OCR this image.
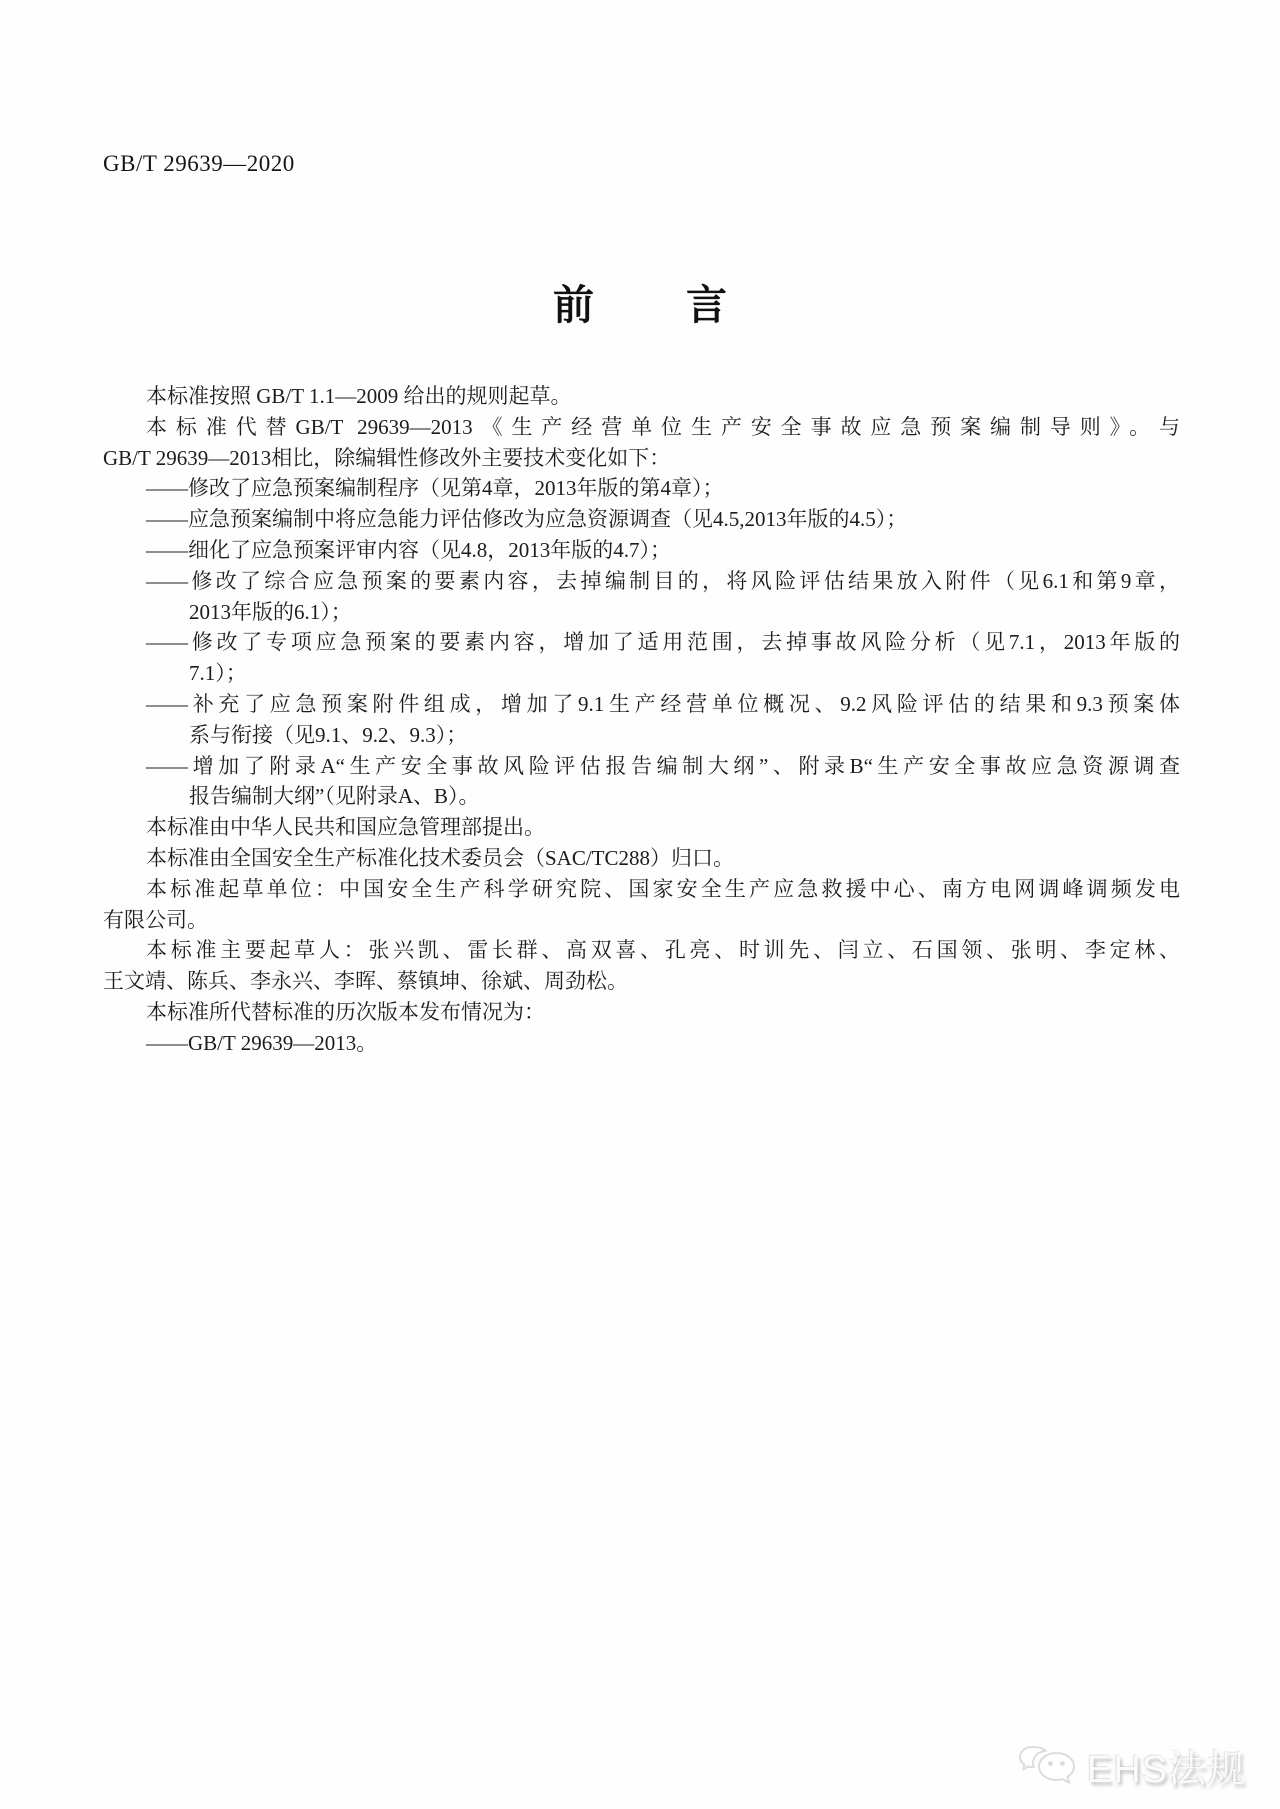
GB/T 29639—2020
前 言
本标准按照 GB/T 1.1—2009 给出的规则起草。
本标准代替GB/T 29639—2013《生产经营单位生产安全事故应急预案编制导则》。与
GB/T 29639—2013相比，除编辑性修改外主要技术变化如下：
——修改了应急预案编制程序（见第4章，2013年版的第4章）；
——应急预案编制中将应急能力评估修改为应急资源调查（见4.5,2013年版的4.5）；
——细化了应急预案评审内容（见4.8，2013年版的4.7）；
——修改了综合应急预案的要素内容，去掉编制目的，将风险评估结果放入附件（见6.1和第9章，
2013年版的6.1）；
——修改了专项应急预案的要素内容，增加了适用范围，去掉事故风险分析（见7.1，2013年版的
7.1）；
——补充了应急预案附件组成，增加了9.1生产经营单位概况、9.2风险评估的结果和9.3预案体
系与衔接（见9.1、9.2、9.3）；
——增加了附录A“生产安全事故风险评估报告编制大纲”、附录B“生产安全事故应急资源调查
报告编制大纲”（见附录A、B）。
本标准由中华人民共和国应急管理部提出。
本标准由全国安全生产标准化技术委员会（SAC/TC288）归口。
本标准起草单位：中国安全生产科学研究院、国家安全生产应急救援中心、南方电网调峰调频发电
有限公司。
本标准主要起草人：张兴凯、雷长群、高双喜、孔亮、时训先、闫立、石国领、张明、李定林、
王文靖、陈兵、李永兴、李晖、蔡镇坤、徐斌、周劲松。
本标准所代替标准的历次版本发布情况为：
——GB/T 29639—2013。
EHS法规
